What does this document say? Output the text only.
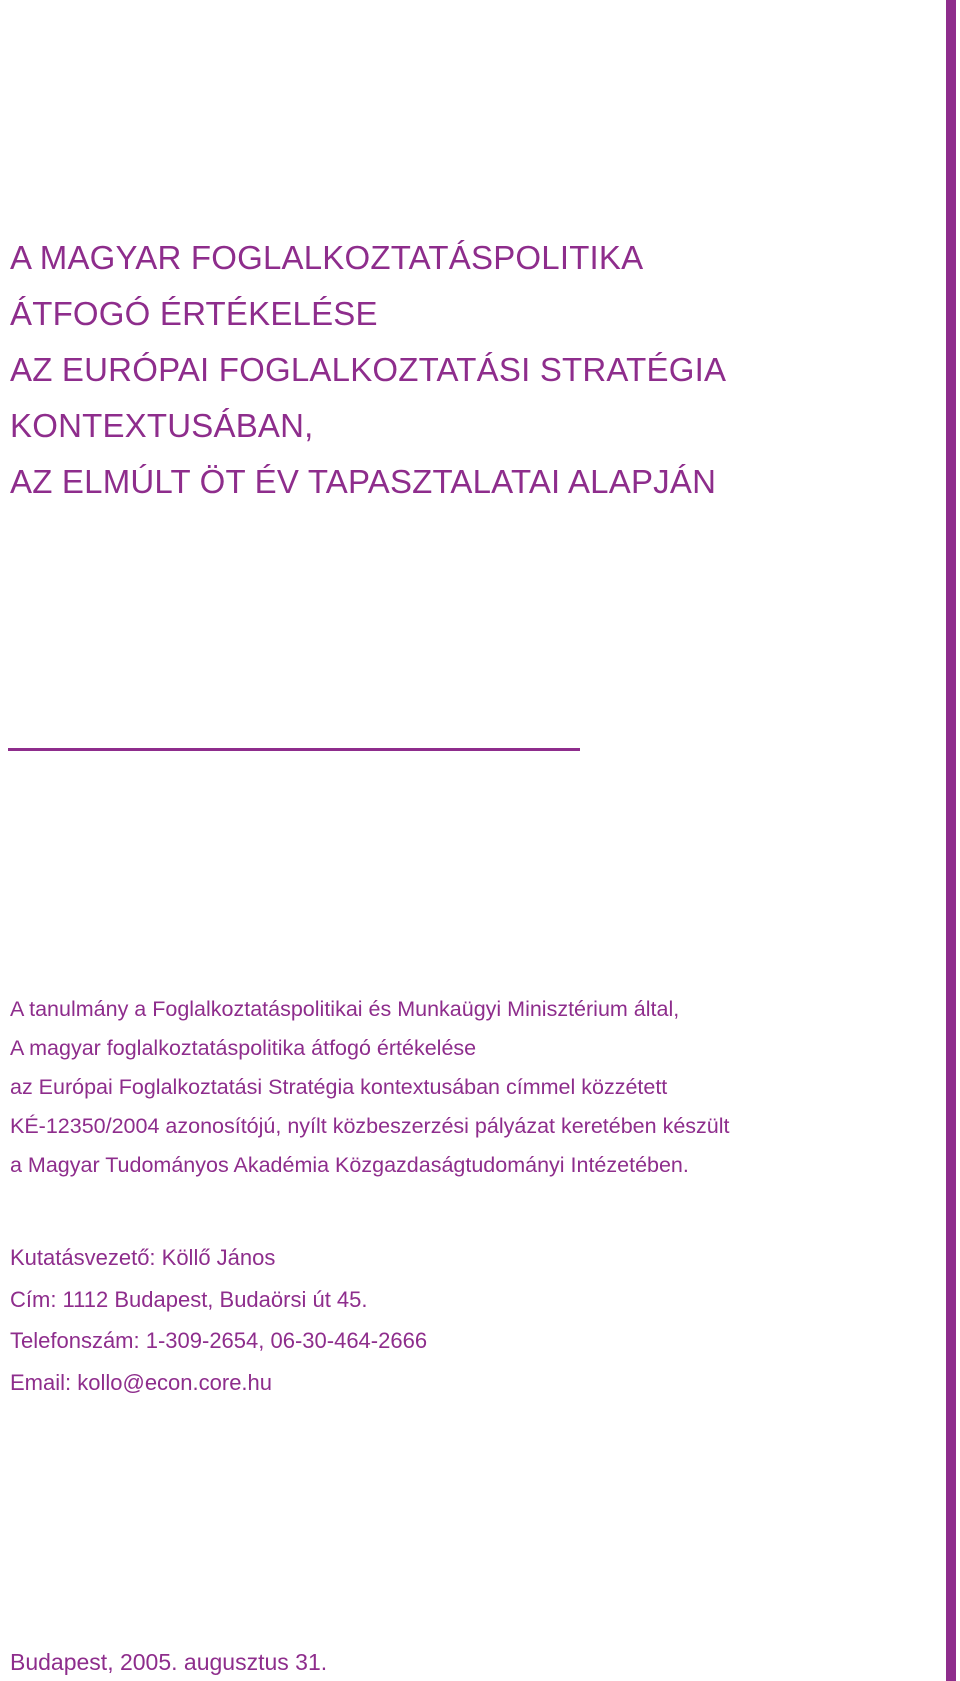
A MAGYAR FOGLALKOZTATÁSPOLITIKA
ÁTFOGÓ ÉRTÉKELÉSE
AZ EURÓPAI FOGLALKOZTATÁSI STRATÉGIA
KONTEXTUSÁBAN,
AZ ELMÚLT ÖT ÉV TAPASZTALATAI ALAPJÁN
A tanulmány a Foglalkoztatáspolitikai és Munkaügyi Minisztérium által,
A magyar foglalkoztatáspolitika átfogó értékelése
az Európai Foglalkoztatási Stratégia kontextusában címmel közzétett
KÉ-12350/2004 azonosítójú, nyílt közbeszerzési pályázat keretében készült
a Magyar Tudományos Akadémia Közgazdaságtudományi Intézetében.
Kutatásvezető: Köllő János
Cím: 1112 Budapest, Budaörsi út 45.
Telefonszám: 1-309-2654, 06-30-464-2666
Email: kollo@econ.core.hu
Budapest, 2005. augusztus 31.
